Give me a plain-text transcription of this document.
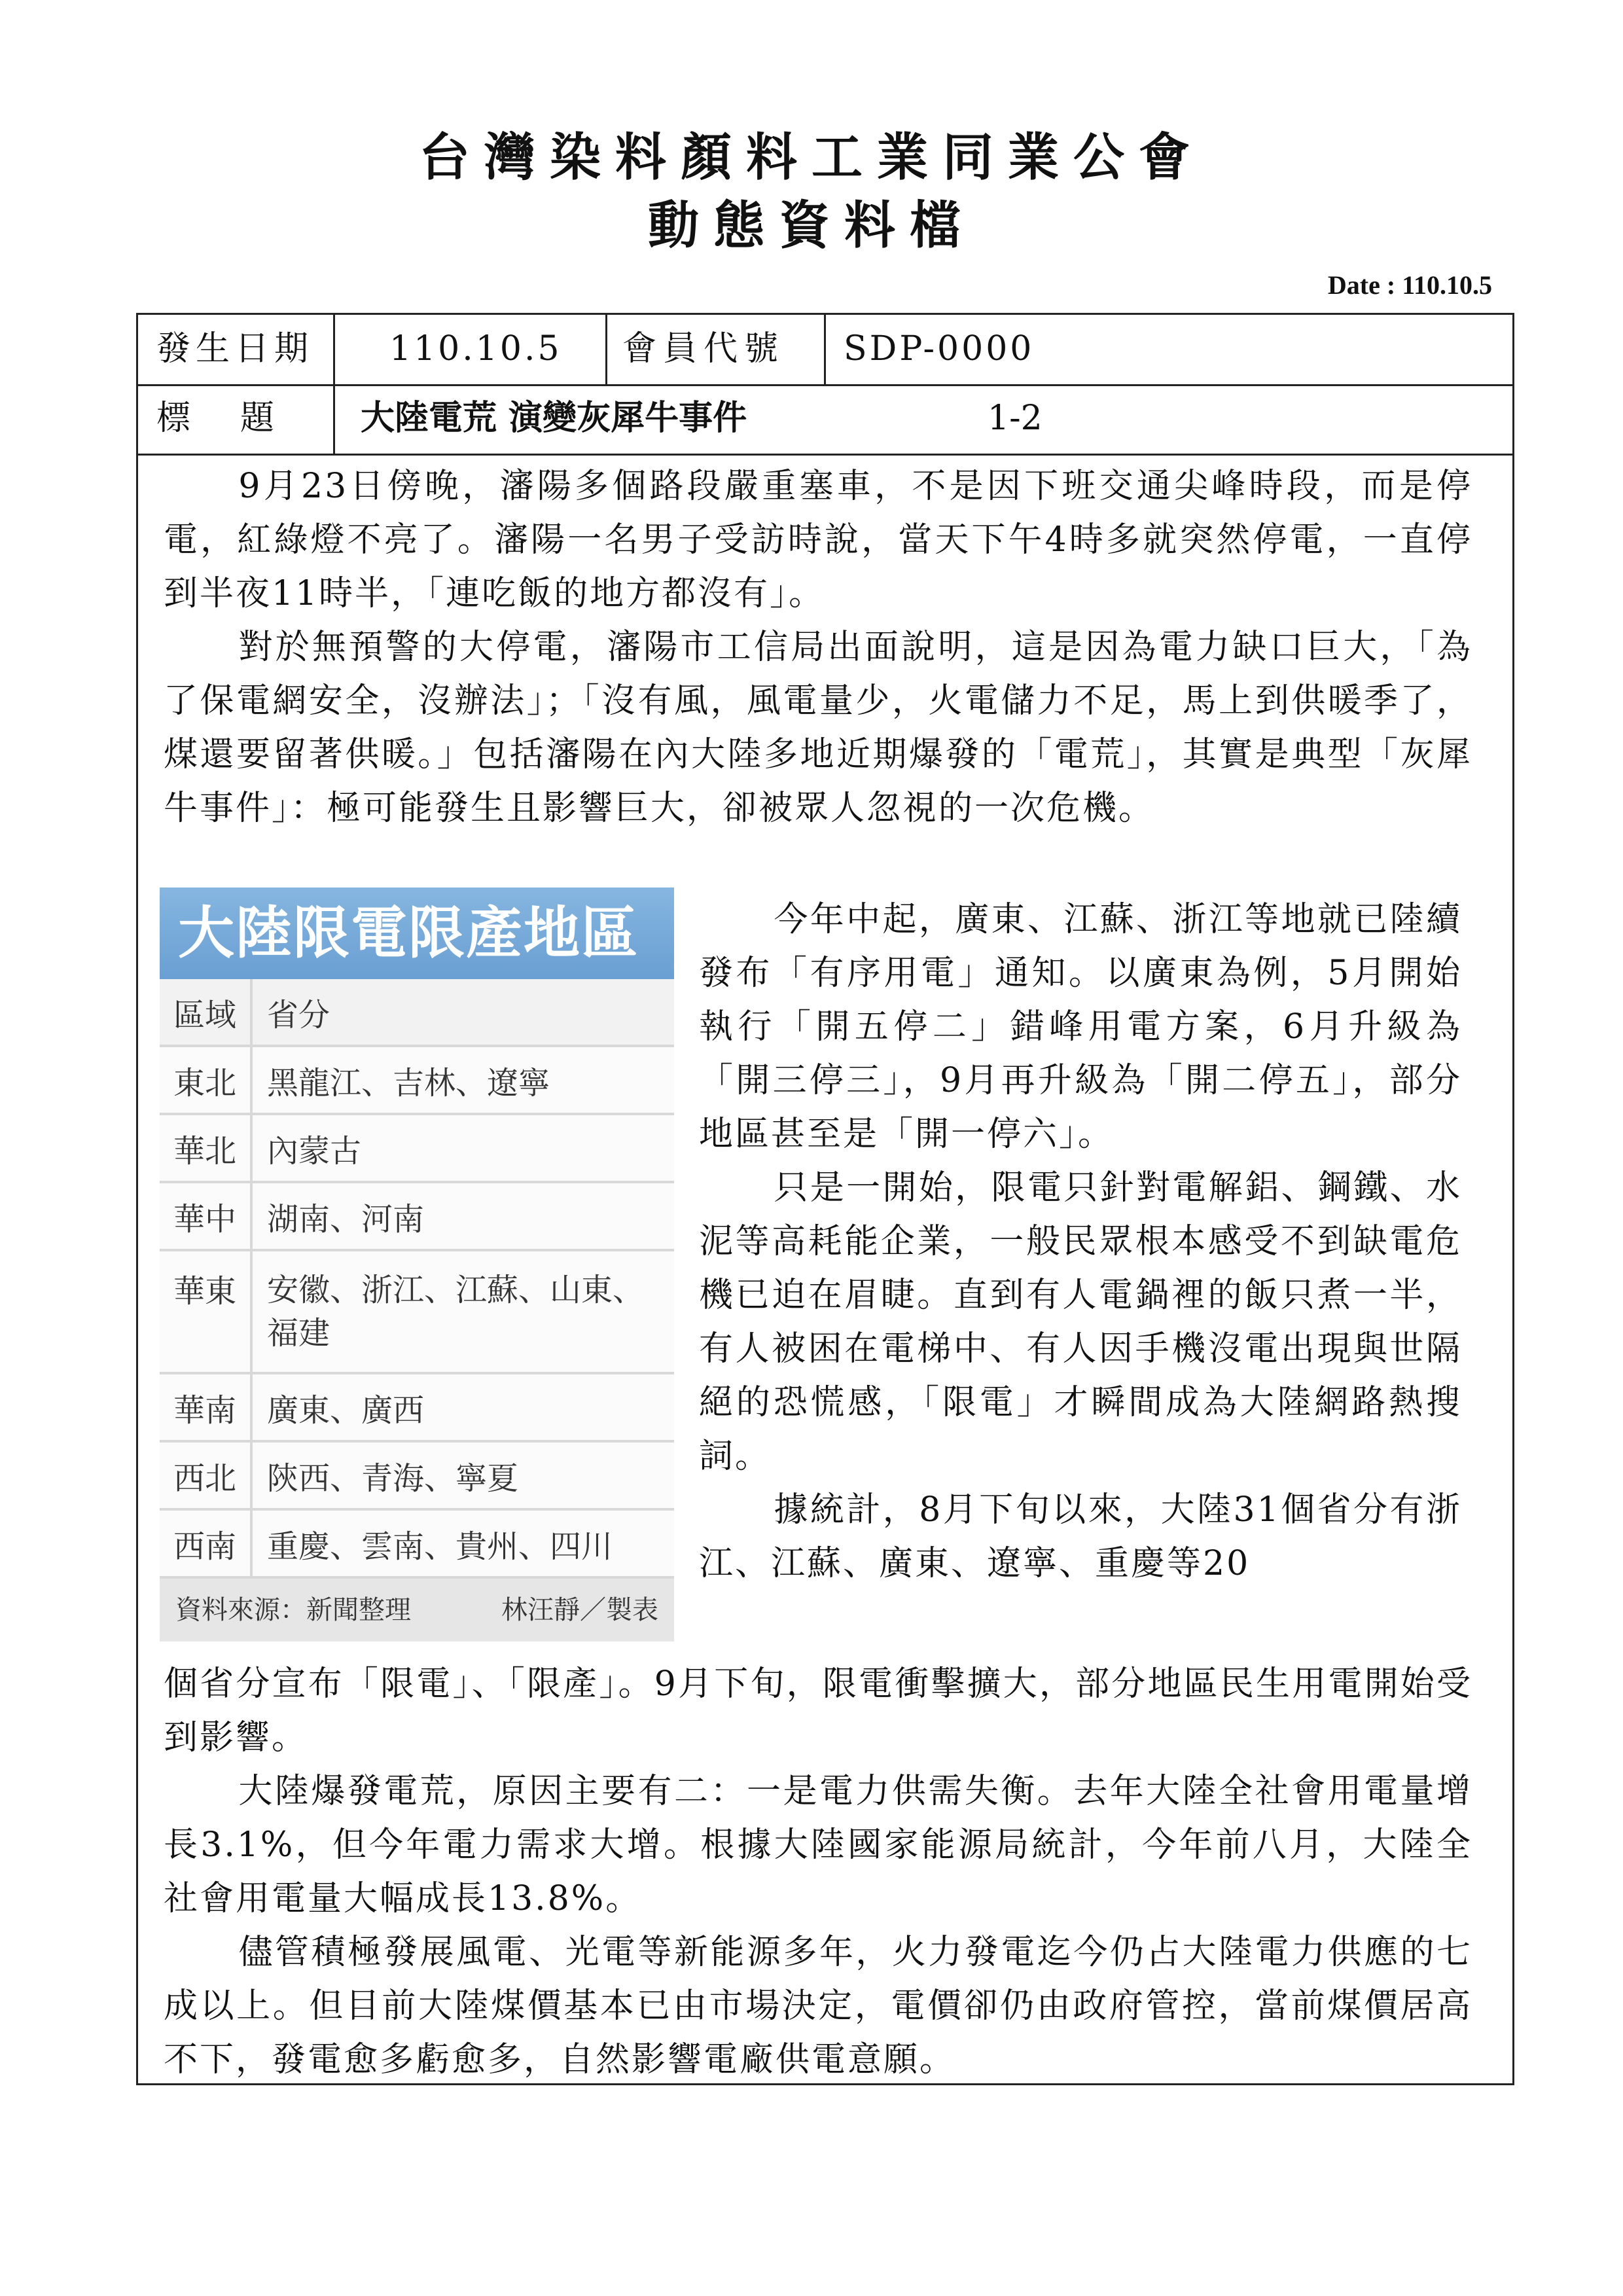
台灣染料顏料工業同業公會
動態資料檔
Date : 110.10.5
發生日期 110.10.5 會員代號 SDP-0000
標　題 大陸電荒 演變灰犀牛事件	1-2

9月23日傍晚，瀋陽多個路段嚴重塞車，不是因下班交通尖峰時段，而是停電，紅綠燈不亮了。瀋陽一名男子受訪時說，當天下午4時多就突然停電，一直停到半夜11時半，「連吃飯的地方都沒有」。

對於無預警的大停電，瀋陽市工信局出面說明，這是因為電力缺口巨大，「為了保電網安全，沒辦法」；「沒有風，風電量少，火電儲力不足，馬上到供暖季了，煤還要留著供暖。」包括瀋陽在內大陸多地近期爆發的「電荒」，其實是典型「灰犀牛事件」：極可能發生且影響巨大，卻被眾人忽視的一次危機。

大陸限電限產地區
區域	省分
東北	黑龍江、吉林、遼寧
華北	內蒙古
華中	湖南、河南
華東	安徽、浙江、江蘇、山東、福建
華南	廣東、廣西
西北	陝西、青海、寧夏
西南	重慶、雲南、貴州、四川
資料來源：新聞整理	林汪靜／製表

今年中起，廣東、江蘇、浙江等地就已陸續發布「有序用電」通知。以廣東為例，5月開始執行「開五停二」錯峰用電方案，6月升級為「開三停三」，9月再升級為「開二停五」，部分地區甚至是「開一停六」。

只是一開始，限電只針對電解鋁、鋼鐵、水泥等高耗能企業，一般民眾根本感受不到缺電危機已迫在眉睫。直到有人電鍋裡的飯只煮一半，有人被困在電梯中、有人因手機沒電出現與世隔絕的恐慌感，「限電」才瞬間成為大陸網路熱搜詞。

據統計，8月下旬以來，大陸31個省分有浙江、江蘇、廣東、遼寧、重慶等20

個省分宣布「限電」、「限產」。9月下旬，限電衝擊擴大，部分地區民生用電開始受到影響。

大陸爆發電荒，原因主要有二：一是電力供需失衡。去年大陸全社會用電量增長3.1%，但今年電力需求大增。根據大陸國家能源局統計，今年前八月，大陸全社會用電量大幅成長13.8%。

儘管積極發展風電、光電等新能源多年，火力發電迄今仍占大陸電力供應的七成以上。但目前大陸煤價基本已由市場決定，電價卻仍由政府管控，當前煤價居高不下，發電愈多虧愈多，自然影響電廠供電意願。
